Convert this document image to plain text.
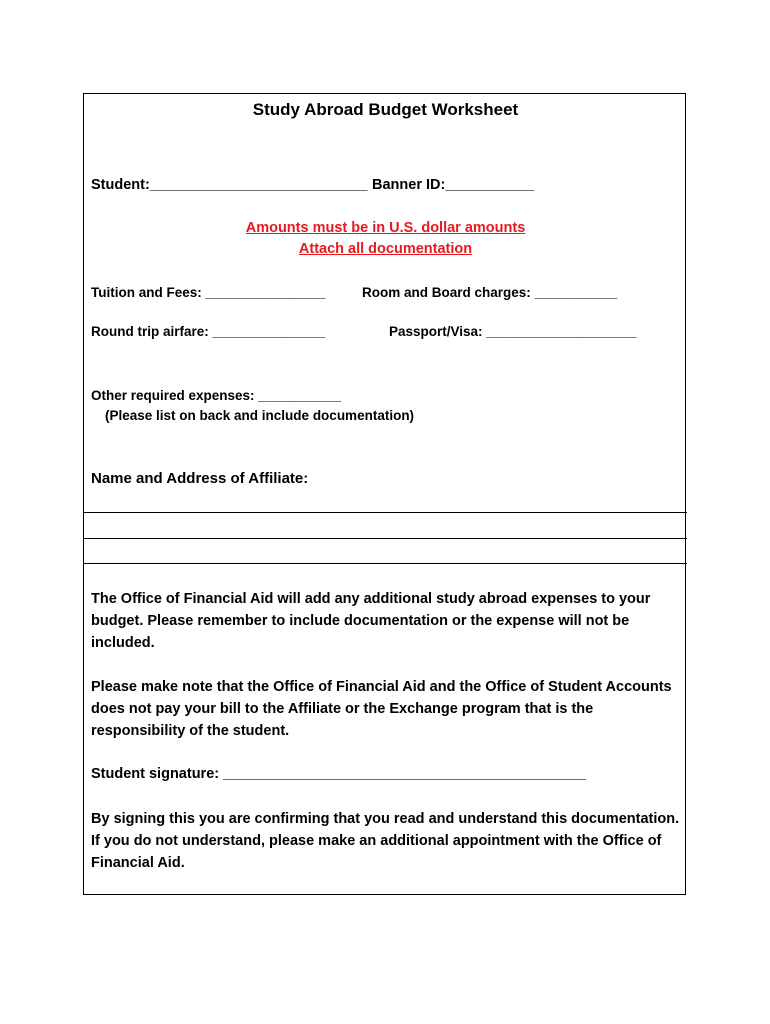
Study Abroad Budget Worksheet
Student:___________________________ Banner ID:___________
Amounts must be in U.S. dollar amounts
Attach all documentation
Tuition and Fees: ________________	Room and Board charges: ___________
Round trip airfare: _______________	Passport/Visa: ____________________
Other required expenses: ___________
(Please list on back and include documentation)
Name and Address of Affiliate:
The Office of Financial Aid will add any additional study abroad expenses to your budget. Please remember to include documentation or the expense will not be included.
Please make note that the Office of Financial Aid and the Office of Student Accounts does not pay your bill to the Affiliate or the Exchange program that is the responsibility of the student.
Student signature: _____________________________________________
By signing this you are confirming that you read and understand this documentation. If you do not understand, please make an additional appointment with the Office of Financial Aid.
